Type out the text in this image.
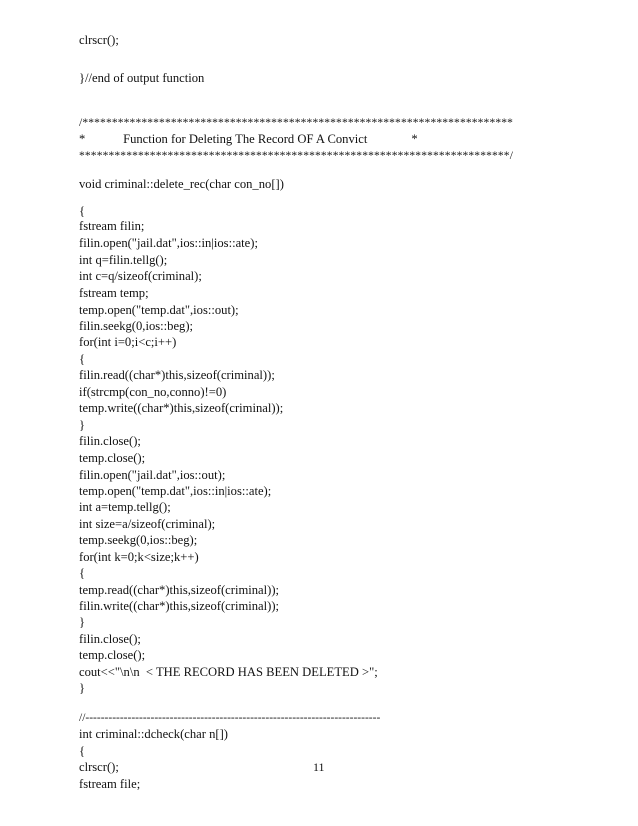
clrscr();
}//end of output function
/*************************************************************************
*            Function for Deleting The Record OF A Convict              *
*************************************************************************/
void criminal::delete_rec(char con_no[])
{
fstream filin;
filin.open("jail.dat",ios::in|ios::ate);
int q=filin.tellg();
int c=q/sizeof(criminal);
fstream temp;
temp.open("temp.dat",ios::out);
filin.seekg(0,ios::beg);
for(int i=0;i<c;i++)
{
filin.read((char*)this,sizeof(criminal));
if(strcmp(con_no,conno)!=0)
temp.write((char*)this,sizeof(criminal));
}
filin.close();
temp.close();
filin.open("jail.dat",ios::out);
temp.open("temp.dat",ios::in|ios::ate);
int a=temp.tellg();
int size=a/sizeof(criminal);
temp.seekg(0,ios::beg);
for(int k=0;k<size;k++)
{
temp.read((char*)this,sizeof(criminal));
filin.write((char*)this,sizeof(criminal));
}
filin.close();
temp.close();
cout<<"\n\n  < THE RECORD HAS BEEN DELETED >";
}
//-----------------------------------------------------------------------------
int criminal::dcheck(char n[])
{
clrscr();
fstream file;
11
